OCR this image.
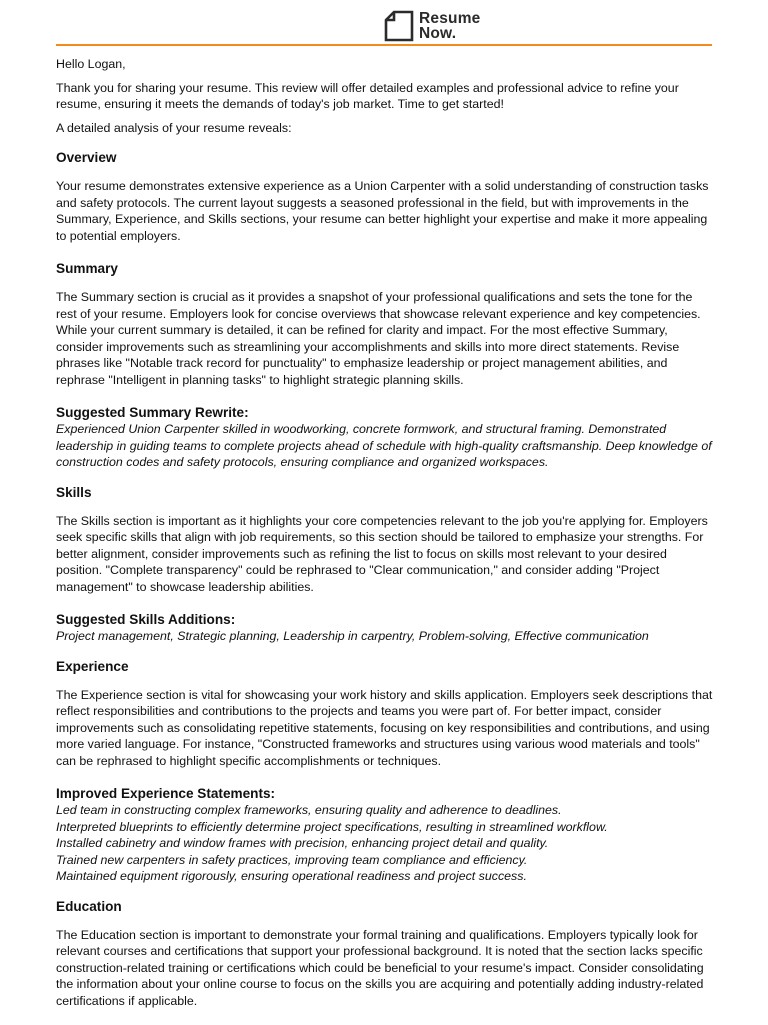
Resume
Now.

Hello Logan,

Thank you for sharing your resume. This review will offer detailed examples and professional advice to refine your resume, ensuring it meets the demands of today's job market. Time to get started!

A detailed analysis of your resume reveals:

Overview

Your resume demonstrates extensive experience as a Union Carpenter with a solid understanding of construction tasks and safety protocols. The current layout suggests a seasoned professional in the field, but with improvements in the Summary, Experience, and Skills sections, your resume can better highlight your expertise and make it more appealing to potential employers.

Summary

The Summary section is crucial as it provides a snapshot of your professional qualifications and sets the tone for the rest of your resume. Employers look for concise overviews that showcase relevant experience and key competencies. While your current summary is detailed, it can be refined for clarity and impact. For the most effective Summary, consider improvements such as streamlining your accomplishments and skills into more direct statements. Revise phrases like "Notable track record for punctuality" to emphasize leadership or project management abilities, and rephrase "Intelligent in planning tasks" to highlight strategic planning skills.

Suggested Summary Rewrite:

Experienced Union Carpenter skilled in woodworking, concrete formwork, and structural framing. Demonstrated leadership in guiding teams to complete projects ahead of schedule with high-quality craftsmanship. Deep knowledge of construction codes and safety protocols, ensuring compliance and organized workspaces.

Skills

The Skills section is important as it highlights your core competencies relevant to the job you're applying for. Employers seek specific skills that align with job requirements, so this section should be tailored to emphasize your strengths. For better alignment, consider improvements such as refining the list to focus on skills most relevant to your desired position. "Complete transparency" could be rephrased to "Clear communication," and consider adding "Project management" to showcase leadership abilities.

Suggested Skills Additions:

Project management, Strategic planning, Leadership in carpentry, Problem-solving, Effective communication

Experience

The Experience section is vital for showcasing your work history and skills application. Employers seek descriptions that reflect responsibilities and contributions to the projects and teams you were part of. For better impact, consider improvements such as consolidating repetitive statements, focusing on key responsibilities and contributions, and using more varied language. For instance, "Constructed frameworks and structures using various wood materials and tools" can be rephrased to highlight specific accomplishments or techniques.

Improved Experience Statements:
Led team in constructing complex frameworks, ensuring quality and adherence to deadlines.
Interpreted blueprints to efficiently determine project specifications, resulting in streamlined workflow.
Installed cabinetry and window frames with precision, enhancing project detail and quality.
Trained new carpenters in safety practices, improving team compliance and efficiency.
Maintained equipment rigorously, ensuring operational readiness and project success.
Education

The Education section is important to demonstrate your formal training and qualifications. Employers typically look for relevant courses and certifications that support your professional background. It is noted that the section lacks specific construction-related training or certifications which could be beneficial to your resume's impact. Consider consolidating the information about your online course to focus on the skills you are acquiring and potentially adding industry-related certifications if applicable.
